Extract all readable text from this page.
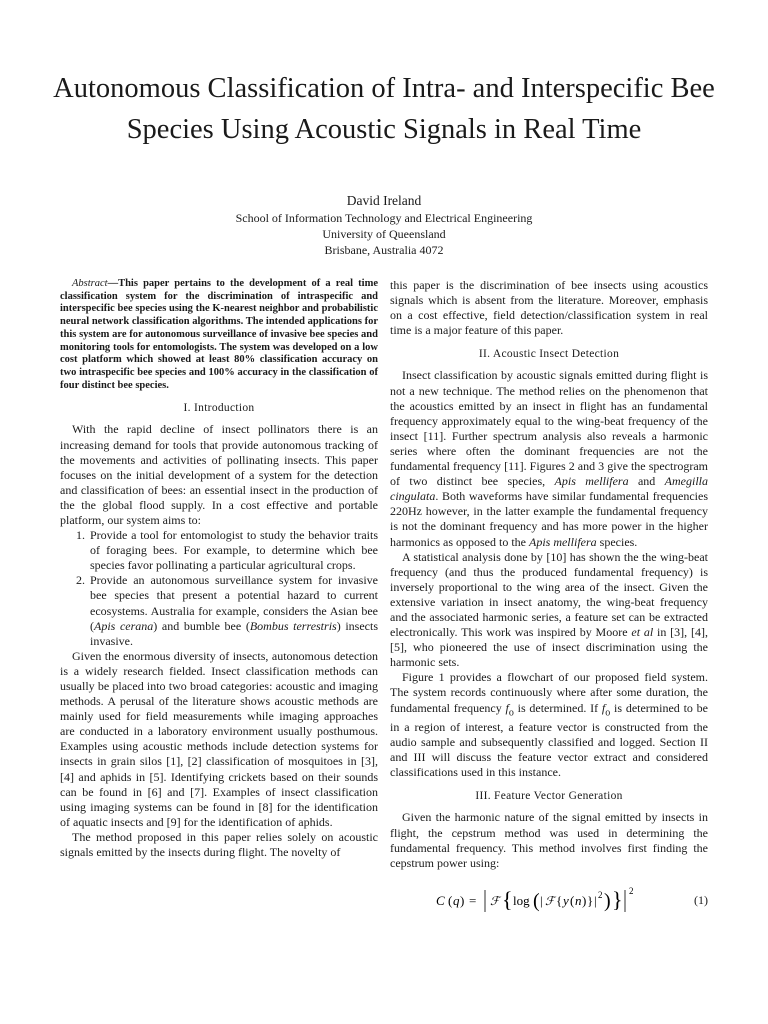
Autonomous Classification of Intra- and Interspecific Bee Species Using Acoustic Signals in Real Time
David Ireland
School of Information Technology and Electrical Engineering
University of Queensland
Brisbane, Australia 4072

Abstract—This paper pertains to the development of a real time classification system for the discrimination of intraspecific and interspecific bee species using the K-nearest neighbor and probabilistic neural network classification algorithms. The intended applications for this system are for autonomous surveillance of invasive bee species and monitoring tools for entomologists. The system was developed on a low cost platform which showed at least 80% classification accuracy on two intraspecific bee species and 100% accuracy in the classification of four distinct bee species.

I. Introduction

With the rapid decline of insect pollinators there is an increasing demand for tools that provide autonomous tracking of the movements and activities of pollinating insects. This paper focuses on the initial development of a system for the detection and classification of bees: an essential insect in the production of the the global flood supply. In a cost effective and portable platform, our system aims to:

1. Provide a tool for entomologist to study the behavior traits of foraging bees. For example, to determine which bee species favor pollinating a particular agricultural crops.
2. Provide an autonomous surveillance system for invasive bee species that present a potential hazard to current ecosystems. Australia for example, considers the Asian bee (Apis cerana) and bumble bee (Bombus terrestris) insects invasive.

Given the enormous diversity of insects, autonomous detection is a widely research fielded. Insect classification methods can usually be placed into two broad categories: acoustic and imaging methods. A perusal of the literature shows acoustic methods are mainly used for field measurements while imaging approaches are conducted in a laboratory environment usually posthumous. Examples using acoustic methods include detection systems for insects in grain silos [1], [2] classification of mosquitoes in [3], [4] and aphids in [5]. Identifying crickets based on their sounds can be found in [6] and [7]. Examples of insect classification using imaging systems can be found in [8] for the identification of aquatic insects and [9] for the identification of aphids.

The method proposed in this paper relies solely on acoustic signals emitted by the insects during flight. The novelty of

this paper is the discrimination of bee insects using acoustics signals which is absent from the literature. Moreover, emphasis on a cost effective, field detection/classification system in real time is a major feature of this paper.

II. Acoustic Insect Detection

Insect classification by acoustic signals emitted during flight is not a new technique. The method relies on the phenomenon that the acoustics emitted by an insect in flight has an fundamental frequency approximately equal to the wing-beat frequency of the insect [11]. Further spectrum analysis also reveals a harmonic series where often the dominant frequencies are not the fundamental frequency [11]. Figures 2 and 3 give the spectrogram of two distinct bee species, Apis mellifera and Amegilla cingulata. Both waveforms have similar fundamental frequencies 220Hz however, in the latter example the fundamental frequency is not the dominant frequency and has more power in the higher harmonics as opposed to the Apis mellifera species.

A statistical analysis done by [10] has shown the the wing-beat frequency (and thus the produced fundamental frequency) is inversely proportional to the wing area of the insect. Given the extensive variation in insect anatomy, the wing-beat frequency and the associated harmonic series, a feature set can be extracted electronically. This work was inspired by Moore et al in [3], [4], [5], who pioneered the use of insect discrimination using the harmonic sets.

Figure 1 provides a flowchart of our proposed field system. The system records continuously where after some duration, the fundamental frequency $f_o$ is determined. If $f_o$ is determined to be in a region of interest, a feature vector is constructed from the audio sample and subsequently classified and logged. Section II and III will discuss the feature vector extract and considered classifications used in this instance.

III. Feature Vector Generation

Given the harmonic nature of the signal emitted by insects in flight, the cepstrum method was used in determining the fundamental frequency. This method involves first finding the cepstrum power using:

C ( q ) = ℱ { log ( | ℱ { y ( n ) } | 2 ) } 2
(1)
